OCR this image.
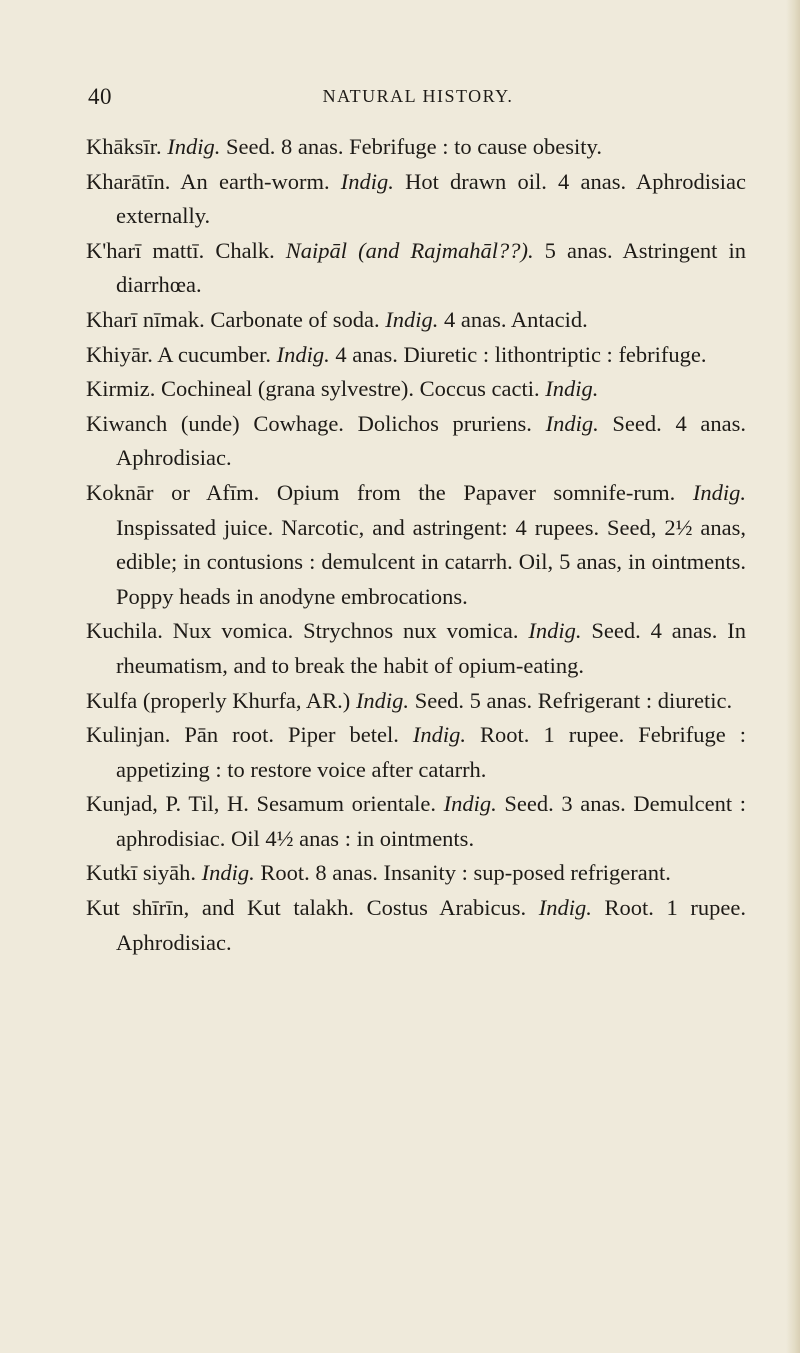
40	NATURAL HISTORY.

Khāksīr. Indig. Seed. 8 anas. Febrifuge : to cause obesity.

Kharātīn. An earth-worm. Indig. Hot drawn oil. 4 anas. Aphrodisiac externally.

K'harī mattī. Chalk. Naipāl (and Rajmahāl??). 5 anas. Astringent in diarrhœa.

Kharī nīmak. Carbonate of soda. Indig. 4 anas. Antacid.

Khiyār. A cucumber. Indig. 4 anas. Diuretic : lithontriptic : febrifuge.

Kirmiz. Cochineal (grana sylvestre). Coccus cacti. Indig.

Kiwanch (unde) Cowhage. Dolichos pruriens. Indig. Seed. 4 anas. Aphrodisiac.

Koknār or Afīm. Opium from the Papaver somnife-rum. Indig. Inspissated juice. Narcotic, and astringent: 4 rupees. Seed, 2½ anas, edible; in contusions : demulcent in catarrh. Oil, 5 anas, in ointments. Poppy heads in anodyne embrocations.

Kuchila. Nux vomica. Strychnos nux vomica. Indig. Seed. 4 anas. In rheumatism, and to break the habit of opium-eating.

Kulfa (properly Khurfa, AR.) Indig. Seed. 5 anas. Refrigerant : diuretic.

Kulinjan. Pān root. Piper betel. Indig. Root. 1 rupee. Febrifuge : appetizing : to restore voice after catarrh.

Kunjad, P. Til, H. Sesamum orientale. Indig. Seed. 3 anas. Demulcent : aphrodisiac. Oil 4½ anas : in ointments.

Kutkī siyāh. Indig. Root. 8 anas. Insanity : sup-posed refrigerant.

Kut shīrīn, and Kut talakh. Costus Arabicus. Indig. Root. 1 rupee. Aphrodisiac.
